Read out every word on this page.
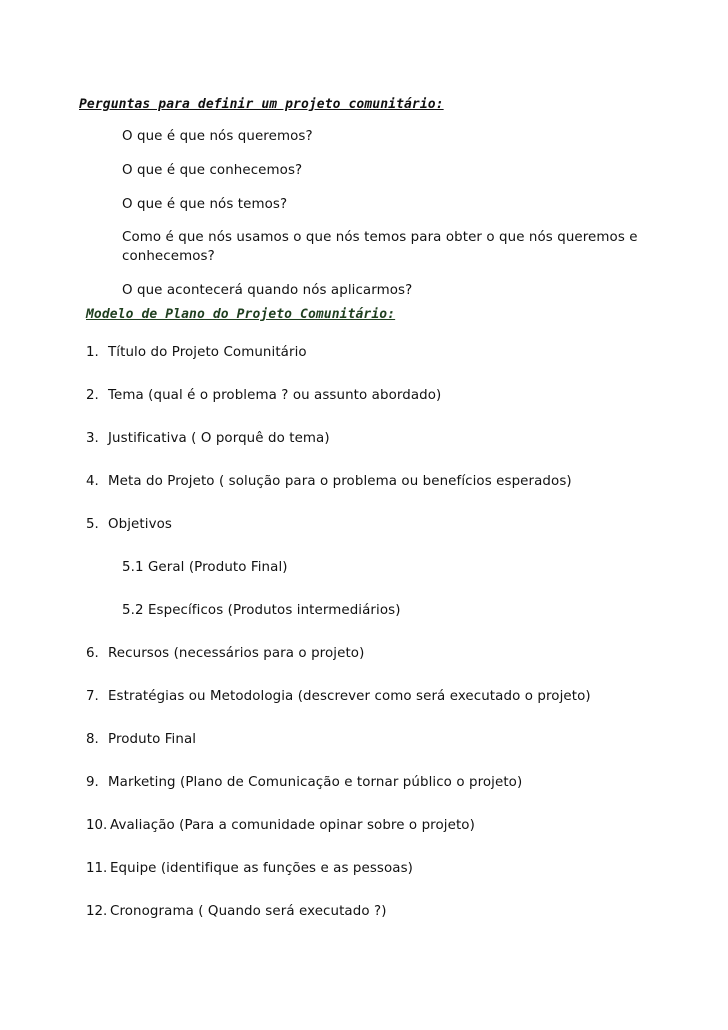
Perguntas para definir um projeto comunitário:
O que é que nós queremos?
O que é que conhecemos?
O que é que nós temos?
Como é que nós usamos o que nós temos para obter o que nós queremos e
conhecemos?
O que acontecerá quando nós aplicarmos?
Modelo de Plano do Projeto Comunitário:
1. Título do Projeto Comunitário
2. Tema (qual é o problema ? ou assunto abordado)
3. Justificativa ( O porquê do tema)
4. Meta do Projeto ( solução para o problema ou benefícios esperados)
5. Objetivos
5.1 Geral (Produto Final)
5.2 Específicos (Produtos intermediários)
6. Recursos (necessários para o projeto)
7. Estratégias ou Metodologia (descrever como será executado o projeto)
8. Produto Final
9. Marketing (Plano de Comunicação e tornar público o projeto)
10. Avaliação (Para a comunidade opinar sobre o projeto)
11. Equipe (identifique as funções e as pessoas)
12. Cronograma ( Quando será executado ?)
